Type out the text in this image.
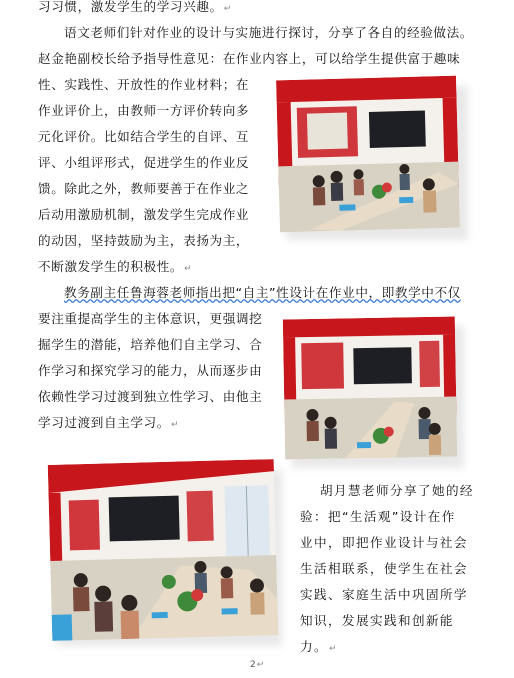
习习惯，激发学生的学习兴趣。↵
语文老师们针对作业的设计与实施进行探讨，分享了各自的经验做法。
赵金艳副校长给予指导性意见：在作业内容上，可以给学生提供富于趣味
性、实践性、开放性的作业材料；在
作业评价上，由教师一方评价转向多
元化评价。比如结合学生的自评、互
评、小组评形式，促进学生的作业反
馈。除此之外，教师要善于在作业之
后动用激励机制，激发学生完成作业
的动因，坚持鼓励为主，表扬为主，
不断激发学生的积极性。↵
教务副主任鲁海蓉老师指出把“自主”性设计在作业中，即教学中不仅
要注重提高学生的主体意识，更强调挖
掘学生的潜能，培养他们自主学习、合
作学习和探究学习的能力，从而逐步由
依赖性学习过渡到独立性学习、由他主
学习过渡到自主学习。↵
胡月慧老师分享了她的经
验：把“生活观”设计在作
业中，即把作业设计与社会
生活相联系，使学生在社会
实践、家庭生活中巩固所学
知识，发展实践和创新能
力。↵
2↵
